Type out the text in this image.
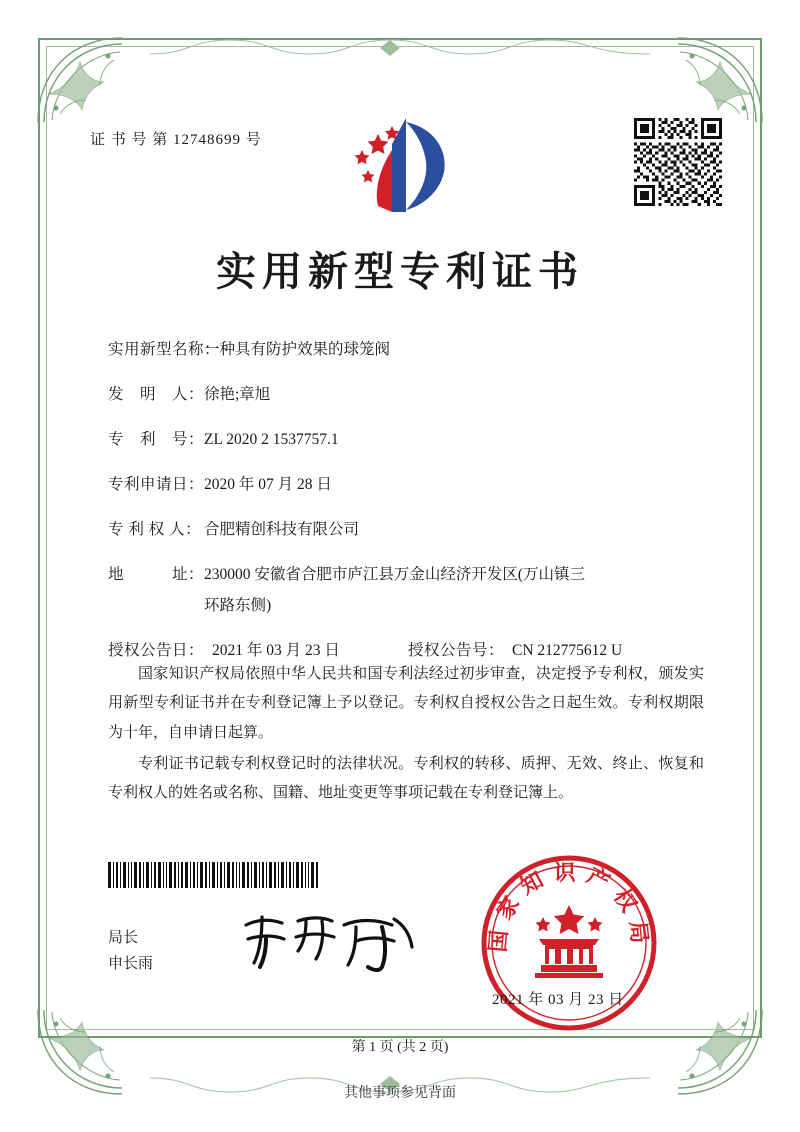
证 书 号 第 12748699 号
实用新型专利证书
实用新型名称：
一种具有防护效果的球笼阀
发　明　人： 徐艳;章旭
专　利　号： ZL 2020 2 1537757.1
专利申请日： 2020 年 07 月 28 日
专 利 权 人： 合肥精创科技有限公司
地　　　址： 230000 安徽省合肥市庐江县万金山经济开发区(万山镇三
环路东侧)
授权公告日： 2021 年 03 月 23 日	授权公告号： CN 212775612 U

国家知识产权局依照中华人民共和国专利法经过初步审查，决定授予专利权，颁发实用新型专利证书并在专利登记簿上予以登记。专利权自授权公告之日起生效。专利权期限为十年，自申请日起算。

专利证书记载专利权登记时的法律状况。专利权的转移、质押、无效、终止、恢复和专利权人的姓名或名称、国籍、地址变更等事项记载在专利登记簿上。

局长
申长雨
国家知识产权局
2021 年 03 月 23 日
第 1 页 (共 2 页)
其他事项参见背面
